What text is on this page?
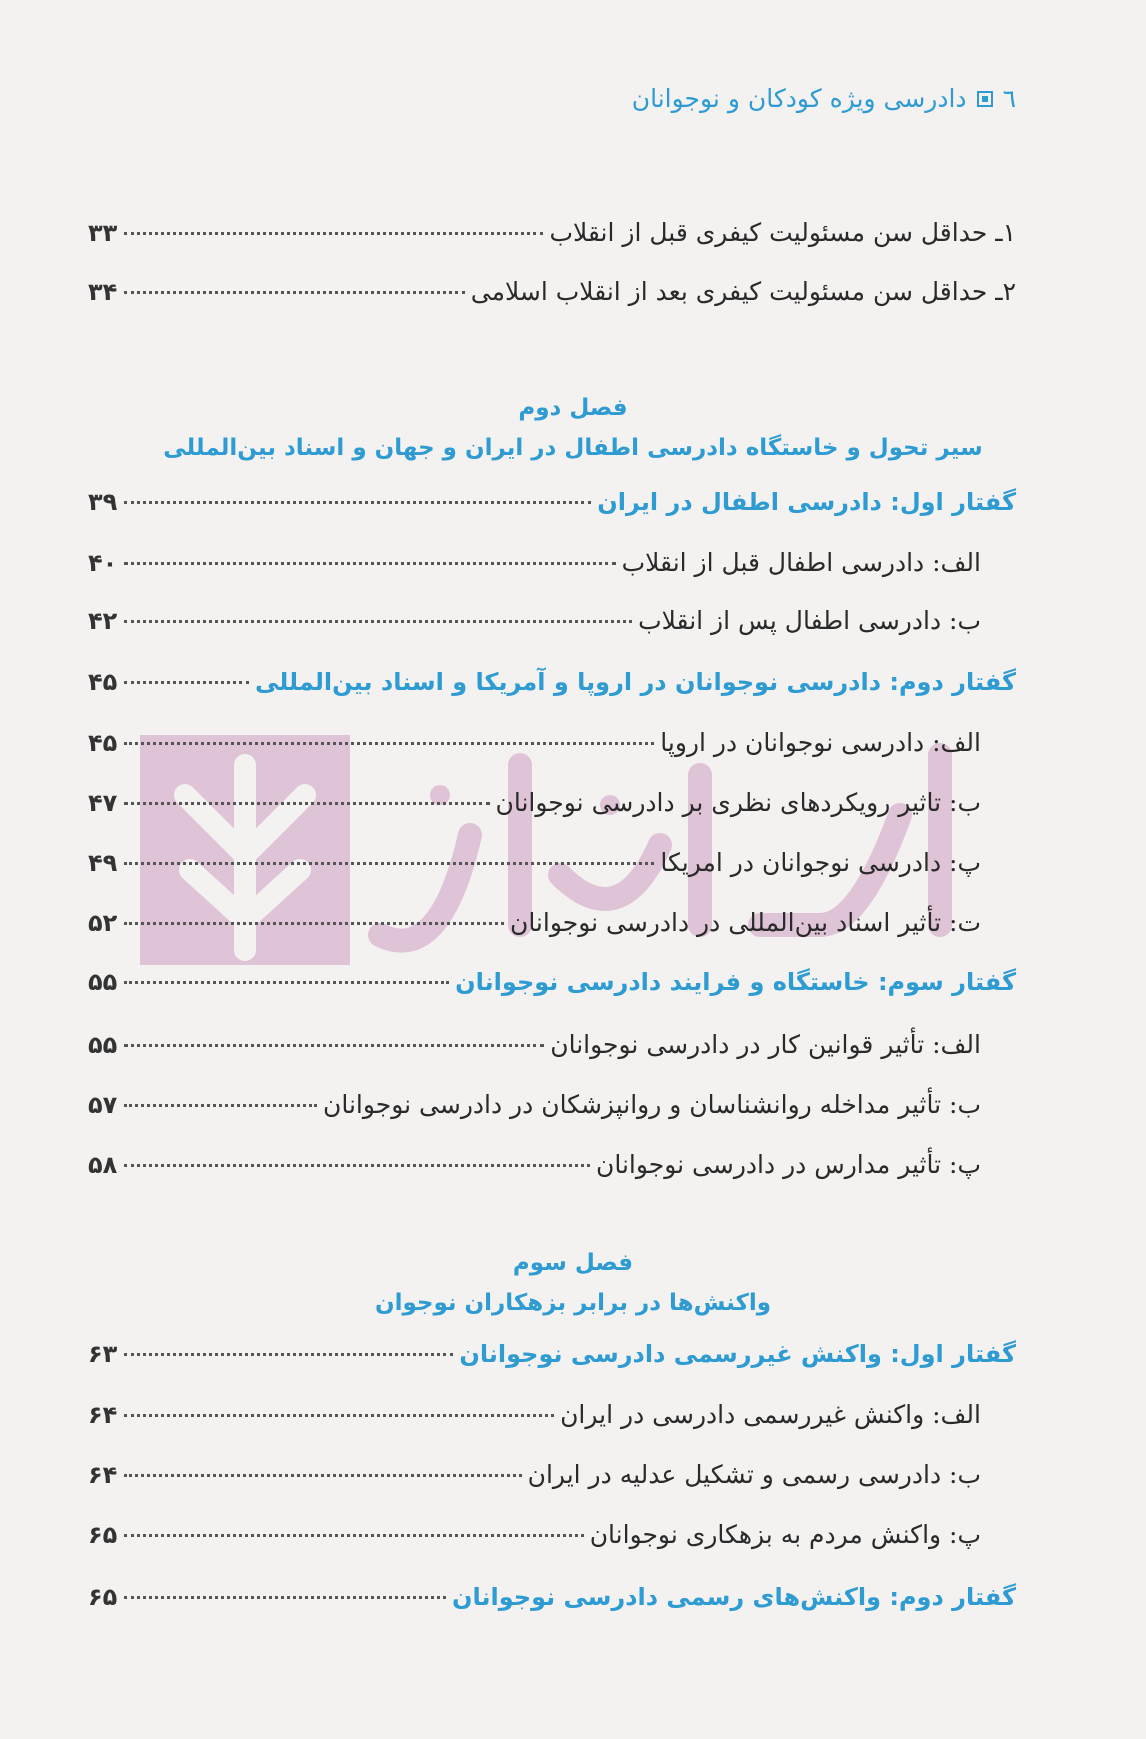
٦
دادرسی ویژه کودکان و نوجوانان
۱ـ حداقل سن مسئولیت کیفری قبل از انقلاب
۳۳
۲ـ حداقل سن مسئولیت کیفری بعد از انقلاب اسلامی
۳۴
فصل دوم
سیر تحول و خاستگاه دادرسی اطفال در ایران و جهان و اسناد بین‌المللی
گفتار اول: دادرسی اطفال در ایران
۳۹
الف: دادرسی اطفال قبل از انقلاب
۴۰
ب: دادرسی اطفال پس از انقلاب
۴۲
گفتار دوم: دادرسی نوجوانان در اروپا و آمریکا و اسناد بین‌المللی
۴۵
الف: دادرسی نوجوانان در اروپا
۴۵
ب: تاثیر رویکردهای نظری بر دادرسی نوجوانان
۴۷
پ: دادرسی نوجوانان در امریکا
۴۹
ت: تأثیر اسناد بین‌المللی در دادرسی نوجوانان
۵۲
گفتار سوم: خاستگاه و فرایند دادرسی نوجوانان
۵۵
الف: تأثیر قوانین کار در دادرسی نوجوانان
۵۵
ب: تأثیر مداخله روانشناسان و روانپزشکان در دادرسی نوجوانان
۵۷
پ: تأثیر مدارس در دادرسی نوجوانان
۵۸
فصل سوم
واکنش‌ها در برابر بزهکاران نوجوان
گفتار اول: واکنش غیررسمی دادرسی نوجوانان
۶۳
الف: واکنش غیررسمی دادرسی در ایران
۶۴
ب: دادرسی رسمی و تشکیل عدلیه در ایران
۶۴
پ: واکنش مردم به بزهکاری نوجوانان
۶۵
گفتار دوم: واکنش‌های رسمی دادرسی نوجوانان
۶۵
